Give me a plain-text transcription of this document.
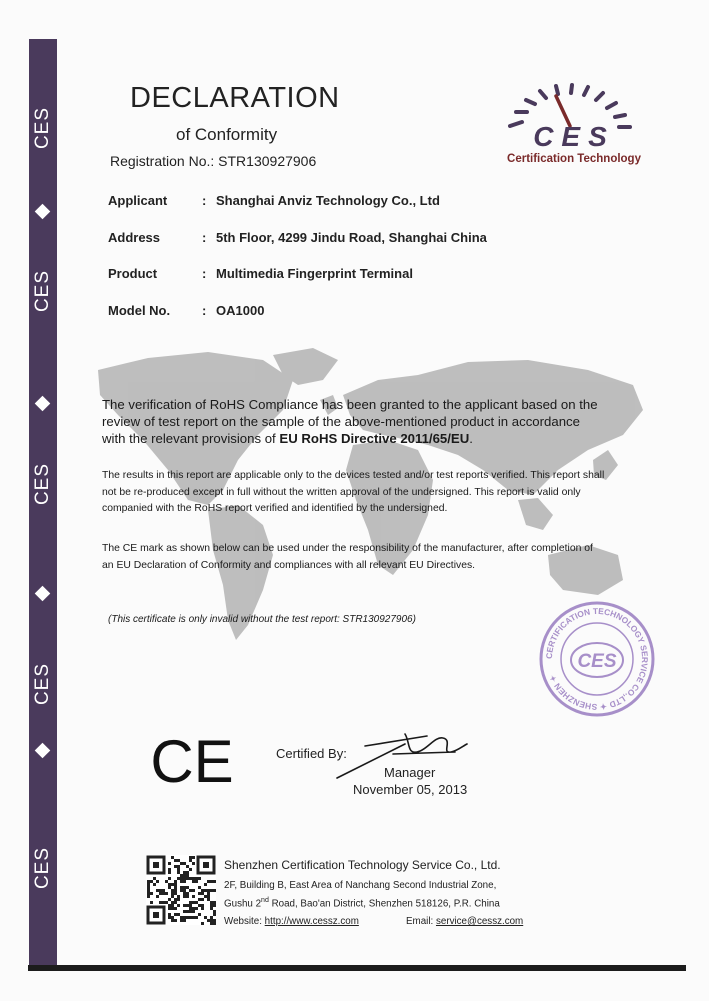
CES
CES
CES
CES
CES
DECLARATION
of Conformity
Registration No.: STR130927906
CES
Certification Technology
Applicant	: Shanghai Anviz Technology Co., Ltd
Address	: 5th Floor, 4299 Jindu Road, Shanghai China
Product	: Multimedia Fingerprint Terminal
Model No. : OA1000
The verification of RoHS Compliance has been granted to the applicant based on the review of test report on the sample of the above-mentioned product in accordance with the relevant provisions of EU RoHS Directive 2011/65/EU.
The results in this report are applicable only to the devices tested and/or test reports verified. This report shall not be re-produced except in full without the written approval of the undersigned. This report is valid only companied with the RoHS report verified and identified by the undersigned.
The CE mark as shown below can be used under the responsibility of the manufacturer, after completion of an EU Declaration of Conformity and compliances with all relevant EU Directives.
(This certificate is only invalid without the test report: STR130927906)
CERTIFICATION TECHNOLOGY SERVICE CO.,LTD ✦ SHENZHEN ✦
CES
CE	Certified By:
Manager
November 05, 2013
Shenzhen Certification Technology Service Co., Ltd.
2F, Building B, East Area of Nanchang Second Industrial Zone,
Gushu 2nd Road, Bao'an District, Shenzhen 518126, P.R. China
Website: http://www.cessz.com	Email: service@cessz.com
